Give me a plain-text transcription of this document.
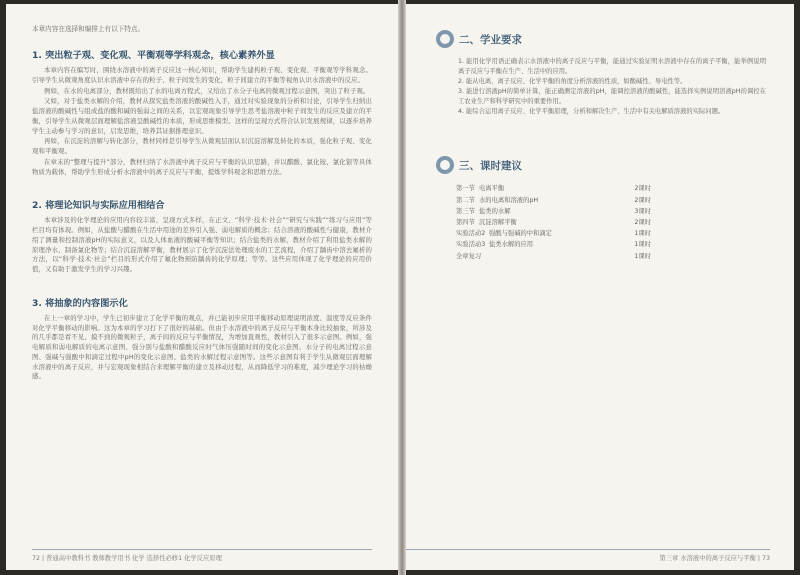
本章内容在选择和编排上有以下特点。
1. 突出粒子观、变化观、平衡观等学科观念，核心素养外显

本章内容在编写时，围绕水溶液中的离子反应这一核心知识，帮助学生建构粒子观、变化观、平衡观等学科观念。引导学生从微观角度认识水溶液中存在的粒子、粒子间发生的变化，粒子间建立的平衡等视角认识水溶液中的反应。

例如，在水的电离部分，教材既给出了水的电离方程式，又给出了水分子电离的微观过程示意图，突出了粒子观。

又如，对于盐类水解的介绍，教材从探究盐类溶液的酸碱性入手，通过对实验现象的分析和讨论，引导学生归纳出盐溶液的酸碱性与组成盐的酸和碱的强弱之间的关系，以宏观现象引导学生思考盐溶液中粒子间发生的反应及建立的平衡，引导学生从微观层面理解盐溶液呈酸碱性的本质，形成思维模型。这样的呈现方式符合认识发展规律，以逐步培养学生主动参与学习的意识，启发思维，培养其证据推理意识。

再如，在沉淀的溶解与转化部分，教材同样是引导学生从微观层面认识沉淀溶解及转化的本质，强化粒子观、变化观和平衡观。

在章末的“整理与提升”部分，教材归纳了水溶液中离子反应与平衡的认识思路，并以醋酸、氯化铵、氯化银等具体物质为载体，帮助学生形成分析水溶液中的离子反应与平衡，提炼学科观念和思维方法。

2. 将理论知识与实际应用相结合

本章涉及的化学理论的应用内容较丰富，呈现方式多样，在正文、“科学·技术·社会”“研究与实践”“练习与应用”等栏目均有体现。例如，从盐酸与醋酸在生活中用途的差异引入强、弱电解质的概念；结合溶液的酸碱性与健康，教材介绍了测量和控制溶液pH的实际意义，以及人体血液的酸碱平衡等知识；结合盐类的水解，教材介绍了利用盐类水解的原理净水、制备氯化物等；结合沉淀溶解平衡，教材展示了化学沉淀法处理废水的工艺流程，介绍了龋齿中溶去氟析的方法，以“科学·技术·社会”栏目的形式介绍了氟化物预防龋齿的化学原理；等等。这些应用体现了化学理论的应用价值，又有助于激发学生的学习兴趣。

3. 将抽象的内容图示化

在上一章的学习中，学生已初步建立了化学平衡的观点，并已能初步应用平衡移动原理说明浓度、温度等反应条件对化学平衡移动的影响。这为本章的学习打下了很好的基础。但由于水溶液中的离子反应与平衡本身比较抽象，所涉及的几乎都是看不见、摸不到的微观粒子，离子间的反应与平衡情况，为增加直观性，教材引入了很多示意图。例如，强电解质和弱电解质的电离示意图、强分别与盐酸和醋酸反应时气体压强随时间的变化示意图、水分子的电离过程示意图、强碱与强酸中和滴定过程中pH的变化示意图、盐类的水解过程示意图等。这些示意图有利于学生从微观层面理解水溶液中的离子反应，并与宏观现象相结合来理解平衡的建立及移动过程，从而降低学习的难度，减少理论学习的枯燥感。

72 | 普通高中教科书 教师教学用书 化学 选择性必修1 化学反应原理
二、学业要求

1. 能用化学用语正确表示水溶液中的离子反应与平衡，能通过实验证明水溶液中存在的离子平衡，能举例说明离子反应与平衡在生产、生活中的应用。

2. 能从电离、离子反应、化学平衡的角度分析溶液的性质，如酸碱性、导电性等。

3. 能进行溶液pH的简单计算，能正确测定溶液的pH，能调控溶液的酸碱性，能选择实例说明溶液pH的调控在工农业生产和科学研究中的重要作用。

4. 能综合运用离子反应、化学平衡原理，分析和解决生产、生活中有关电解质溶液的实际问题。

三、课时建议
第一节 电离平衡	2课时
第二节 水的电离和溶液的pH	2课时
第三节 盐类的水解	3课时
第四节 沉淀溶解平衡	2课时
实验活动2 强酸与强碱的中和滴定	1课时
实验活动3 盐类水解的应用	1课时
全章复习	1课时
第三章 水溶液中的离子反应与平衡 | 73
